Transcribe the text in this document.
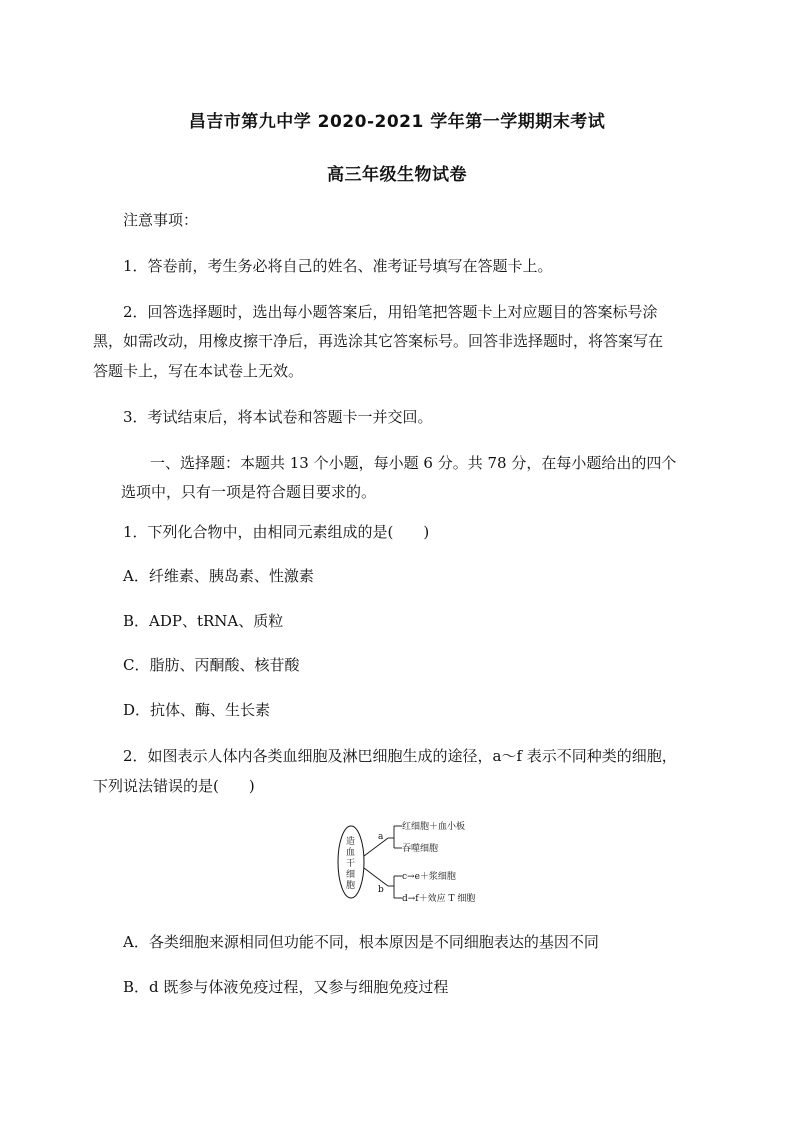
昌吉市第九中学 2020-2021 学年第一学期期末考试
高三年级生物试卷
注意事项：
1．答卷前，考生务必将自己的姓名、准考证号填写在答题卡上。
2．回答选择题时，选出每小题答案后，用铅笔把答题卡上对应题目的答案标号涂
黑，如需改动，用橡皮擦干净后，再选涂其它答案标号。回答非选择题时，将答案写在
答题卡上，写在本试卷上无效。
3．考试结束后，将本试卷和答题卡一并交回。
一、选择题：本题共 13 个小题，每小题 6 分。共 78 分，在每小题给出的四个
选项中，只有一项是符合题目要求的。
1．下列化合物中，由相同元素组成的是(　　)
A．纤维素、胰岛素、性激素
B．ADP、tRNA、质粒
C．脂肪、丙酮酸、核苷酸
D．抗体、酶、生长素
2．如图表示人体内各类血细胞及淋巴细胞生成的途径，a～f 表示不同种类的细胞，
下列说法错误的是(　　)
造
血
干
细
胞
a
b
红细胞＋血小板
吞噬细胞
c→e＋浆细胞
d→f＋效应 T 细胞
A．各类细胞来源相同但功能不同，根本原因是不同细胞表达的基因不同
B．d 既参与体液免疫过程，又参与细胞免疫过程
